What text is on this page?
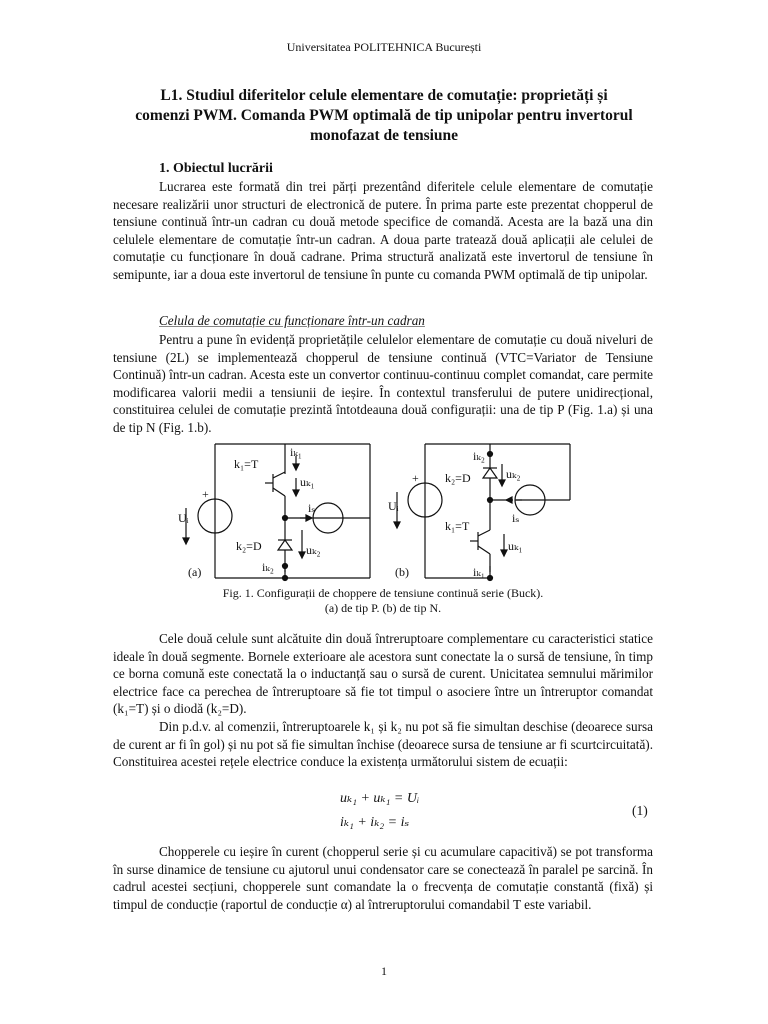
Universitatea POLITEHNICA București
L1. Studiul diferitelor celule elementare de comutație: proprietăți și
comenzi PWM. Comanda PWM optimală de tip unipolar pentru invertorul
monofazat de tensiune
1. Obiectul lucrării

Lucrarea este formată din trei părți prezentând diferitele celule elementare de comutație necesare realizării unor structuri de electronică de putere. În prima parte este prezentat chopperul de tensiune continuă într-un cadran cu două metode specifice de comandă. Acesta are la bază una din celulele elementare de comutație într-un cadran. A doua parte tratează două aplicații ale celulei de comutație cu funcționare în două cadrane. Prima structură analizată este invertorul de tensiune în semipunte, iar a doua este invertorul de tensiune în punte cu comanda PWM optimală de tip unipolar.

Celula de comutație cu funcționare într-un cadran

Pentru a pune în evidență proprietățile celulelor elementare de comutație cu două niveluri de tensiune (2L) se implementează chopperul de tensiune continuă (VTC=Variator de Tensiune Continuă) într-un cadran. Acesta este un convertor continuu-continuu complet comandat, care permite modificarea valorii medii a tensiunii de ieșire. În contextul transferului de putere unidirecțional, constituirea celulei de comutație prezintă întotdeauna două configurații: una de tip P (Fig. 1.a) și una de tip N (Fig. 1.b).

k₁=T
iₖ₁
uₖ₁
iₛ
Uᵢ
+
k₂=D	uₖ₂
iₖ₂
(a)
iₖ₂
k₂=D	uₖ₂
+
Uᵢ
iₛ
k₁=T
uₖ₁
iₖ₁
(b)
Fig. 1. Configurații de choppere de tensiune continuă serie (Buck).
(a) de tip P. (b) de tip N.

Cele două celule sunt alcătuite din două întreruptoare complementare cu caracteristici statice ideale în două segmente. Bornele exterioare ale acestora sunt conectate la o sursă de tensiune, în timp ce borna comună este conectată la o inductanță sau o sursă de curent. Unicitatea semnului mărimilor electrice face ca perechea de întreruptoare să fie tot timpul o asociere între un întreruptor comandat (k₁=T) și o diodă (k₂=D).

Din p.d.v. al comenzii, întreruptoarele k₁ și k₂ nu pot să fie simultan deschise (deoarece sursa de curent ar fi în gol) și nu pot să fie simultan închise (deoarece sursa de tensiune ar fi scurtcircuitată). Constituirea acestei rețele electrice conduce la existența următorului sistem de ecuații:

uₖ₁ + uₖ₁ = Uᵢ
iₖ₁ + iₖ₂ = iₛ
(1)

Chopperele cu ieșire în curent (chopperul serie și cu acumulare capacitivă) se pot transforma în surse dinamice de tensiune cu ajutorul unui condensator care se conectează în paralel pe sarcină. În cadrul acestei secțiuni, chopperele sunt comandate la o frecvența de comutație constantă (fixă) și timpul de conducție (raportul de conducție α) al întreruptorului comandabil T este variabil.

1
